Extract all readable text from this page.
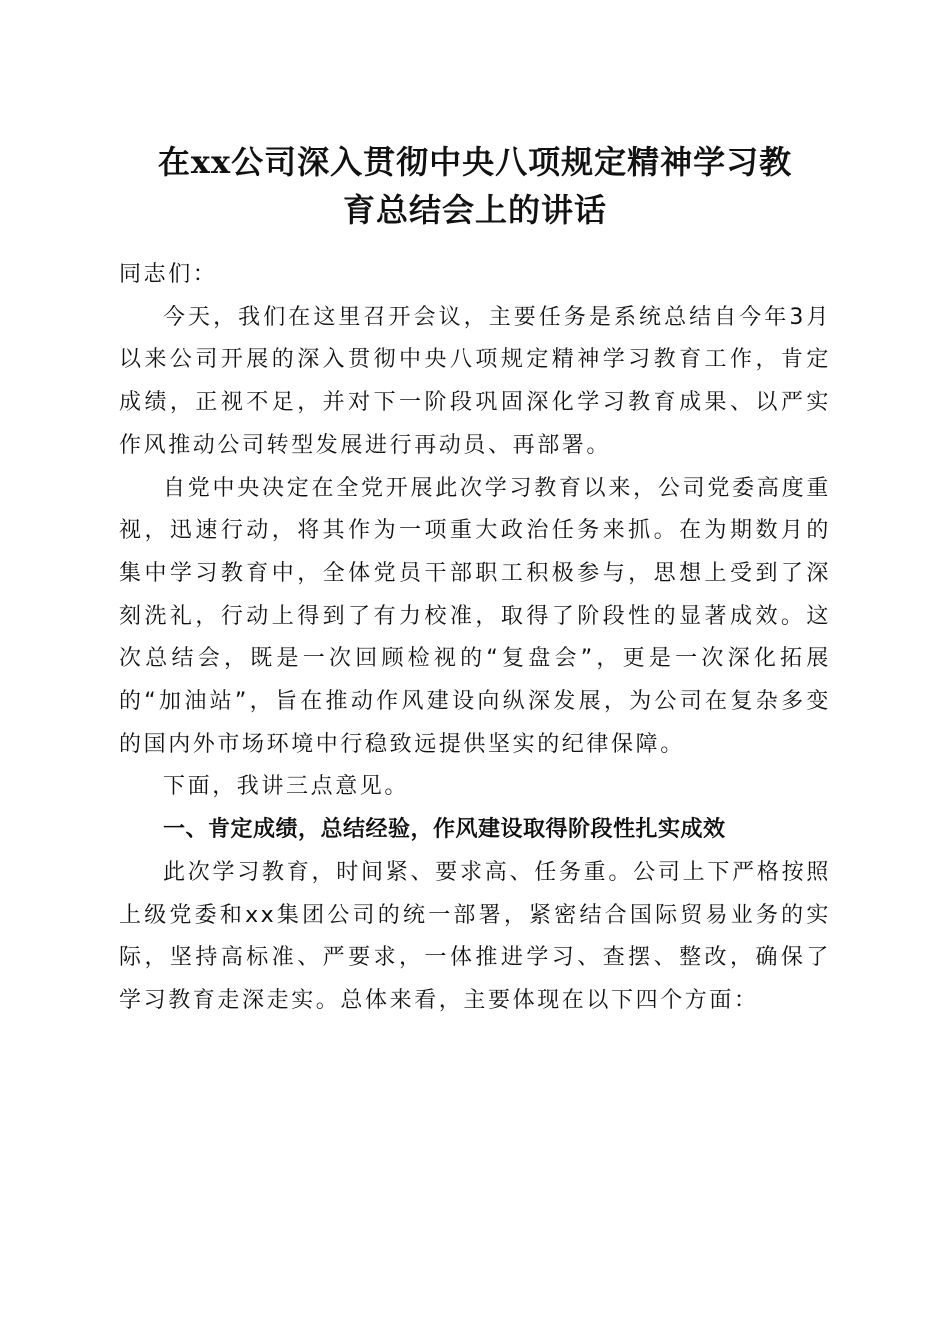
在xx公司深入贯彻中央八项规定精神学习教
育总结会上的讲话

同志们：

今天，我们在这里召开会议，主要任务是系统总结自今年3月以来公司开展的深入贯彻中央八项规定精神学习教育工作，肯定成绩，正视不足，并对下一阶段巩固深化学习教育成果、以严实作风推动公司转型发展进行再动员、再部署。

自党中央决定在全党开展此次学习教育以来，公司党委高度重视，迅速行动，将其作为一项重大政治任务来抓。在为期数月的集中学习教育中，全体党员干部职工积极参与，思想上受到了深刻洗礼，行动上得到了有力校准，取得了阶段性的显著成效。这次总结会，既是一次回顾检视的“复盘会”，更是一次深化拓展的“加油站”，旨在推动作风建设向纵深发展，为公司在复杂多变的国内外市场环境中行稳致远提供坚实的纪律保障。

下面，我讲三点意见。

一、肯定成绩，总结经验，作风建设取得阶段性扎实成效

此次学习教育，时间紧、要求高、任务重。公司上下严格按照上级党委和xx集团公司的统一部署，紧密结合国际贸易业务的实际，坚持高标准、严要求，一体推进学习、查摆、整改，确保了学习教育走深走实。总体来看，主要体现在以下四个方面：
